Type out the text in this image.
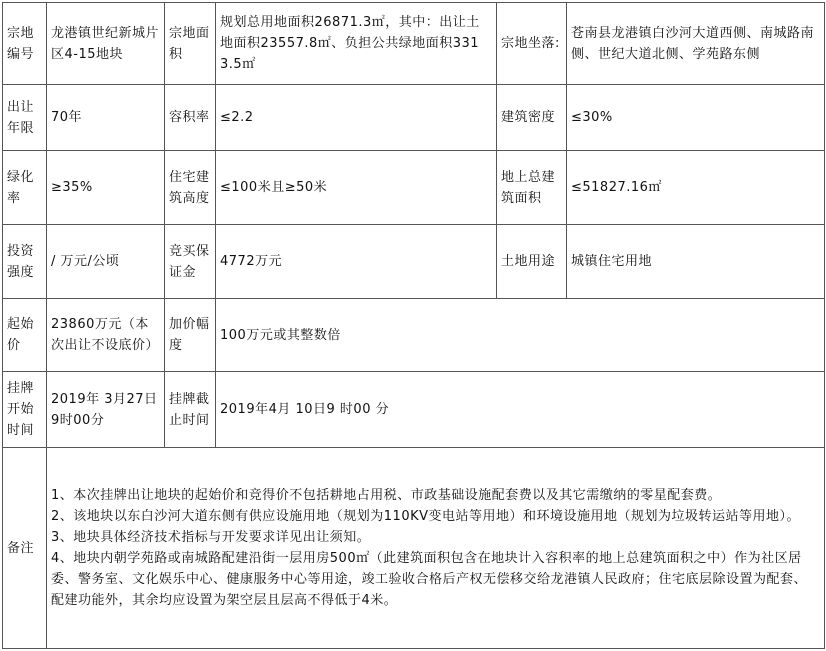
宗地编号	龙港镇世纪新城片区4-15地块	宗地面积	规划总用地面积26871.3㎡，其中：出让土地面积23557.8㎡、负担公共绿地面积3313.5㎡	宗地坐落:	苍南县龙港镇白沙河大道西侧、南城路南侧、世纪大道北侧、学苑路东侧
出让年限	70年	容积率	≤2.2	建筑密度	≤30%
绿化率	≥35%	住宅建筑高度	≤100米且≥50米	地上总建筑面积	≤51827.16㎡
投资强度	/ 万元/公顷	竞买保证金	4772万元	土地用途	城镇住宅用地
起始价	23860万元（本次出让不设底价）	加价幅度	100万元或其整数倍		
挂牌开始时间	2019年 3月27日9时00分	挂牌截止时间	2019年4月 10日9 时00 分		
备注	1、本次挂牌出让地块的起始价和竞得价不包括耕地占用税、市政基础设施配套费以及其它需缴纳的零星配套费。
2、该地块以东白沙河大道东侧有供应设施用地（规划为110KV变电站等用地）和环境设施用地（规划为垃圾转运站等用地）。
3、地块具体经济技术指标与开发要求详见出让须知。
4、地块内朝学苑路或南城路配建沿街一层用房500㎡（此建筑面积包含在地块计入容积率的地上总建筑面积之中）作为社区居委、警务室、文化娱乐中心、健康服务中心等用途，竣工验收合格后产权无偿移交给龙港镇人民政府；住宅底层除设置为配套、配建功能外，其余均应设置为架空层且层高不得低于4米。				
